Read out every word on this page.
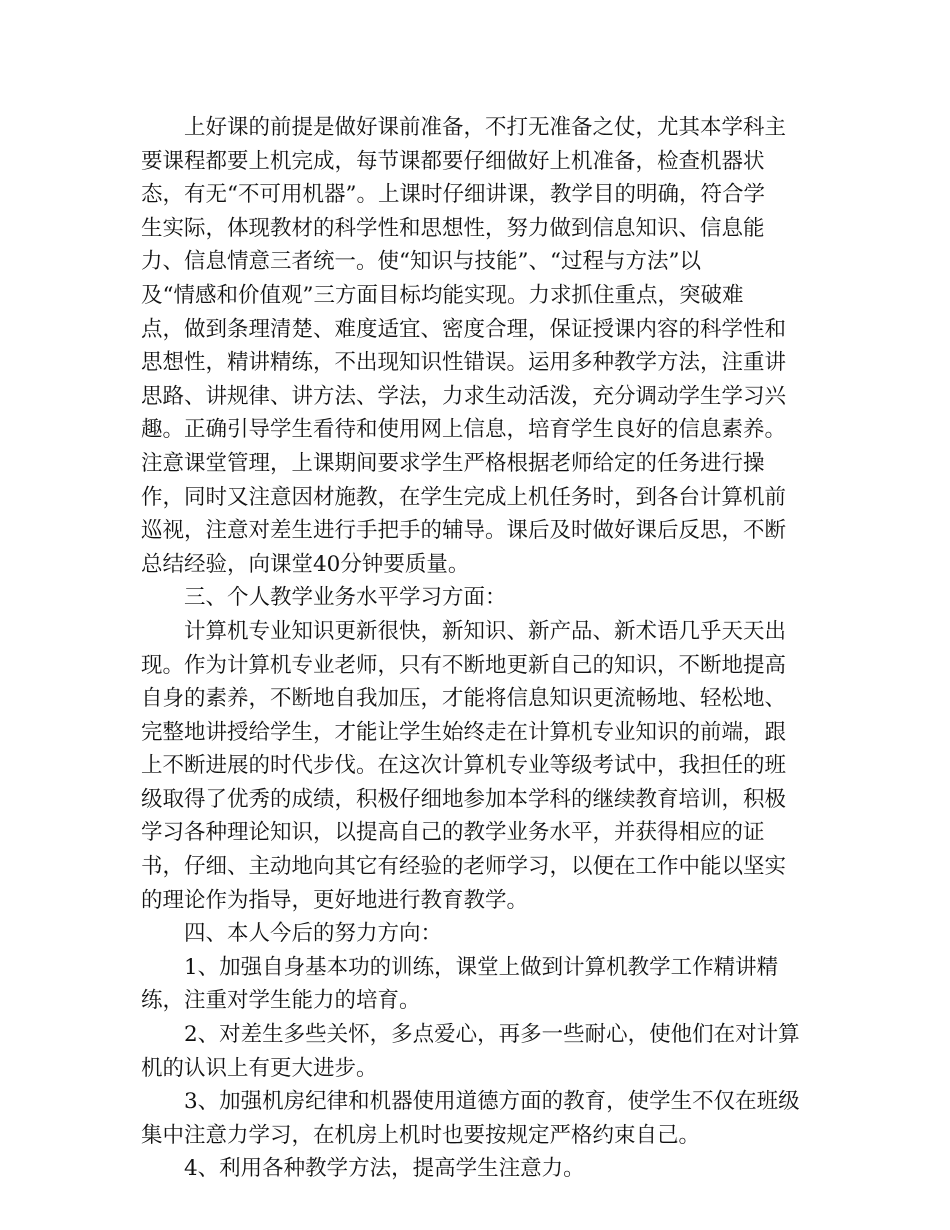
　　上好课的前提是做好课前准备，不打无准备之仗，尤其本学科主
要课程都要上机完成，每节课都要仔细做好上机准备，检查机器状
态，有无“不可用机器”。上课时仔细讲课，教学目的明确，符合学
生实际，体现教材的科学性和思想性，努力做到信息知识、信息能
力、信息情意三者统一。使“知识与技能”、“过程与方法”以
及“情感和价值观”三方面目标均能实现。力求抓住重点，突破难
点，做到条理清楚、难度适宜、密度合理，保证授课内容的科学性和
思想性，精讲精练，不出现知识性错误。运用多种教学方法，注重讲
思路、讲规律、讲方法、学法，力求生动活泼，充分调动学生学习兴
趣。正确引导学生看待和使用网上信息，培育学生良好的信息素养。
注意课堂管理，上课期间要求学生严格根据老师给定的任务进行操
作，同时又注意因材施教，在学生完成上机任务时，到各台计算机前
巡视，注意对差生进行手把手的辅导。课后及时做好课后反思，不断
总结经验，向课堂40分钟要质量。
　　三、个人教学业务水平学习方面：
　　计算机专业知识更新很快，新知识、新产品、新术语几乎天天出
现。作为计算机专业老师，只有不断地更新自己的知识，不断地提高
自身的素养，不断地自我加压，才能将信息知识更流畅地、轻松地、
完整地讲授给学生，才能让学生始终走在计算机专业知识的前端，跟
上不断进展的时代步伐。在这次计算机专业等级考试中，我担任的班
级取得了优秀的成绩，积极仔细地参加本学科的继续教育培训，积极
学习各种理论知识，以提高自己的教学业务水平，并获得相应的证
书，仔细、主动地向其它有经验的老师学习，以便在工作中能以坚实
的理论作为指导，更好地进行教育教学。
　　四、本人今后的努力方向：
　　1、加强自身基本功的训练，课堂上做到计算机教学工作精讲精
练，注重对学生能力的培育。
　　2、对差生多些关怀，多点爱心，再多一些耐心，使他们在对计算
机的认识上有更大进步。
　　3、加强机房纪律和机器使用道德方面的教育，使学生不仅在班级
集中注意力学习，在机房上机时也要按规定严格约束自己。
　　4、利用各种教学方法，提高学生注意力。
